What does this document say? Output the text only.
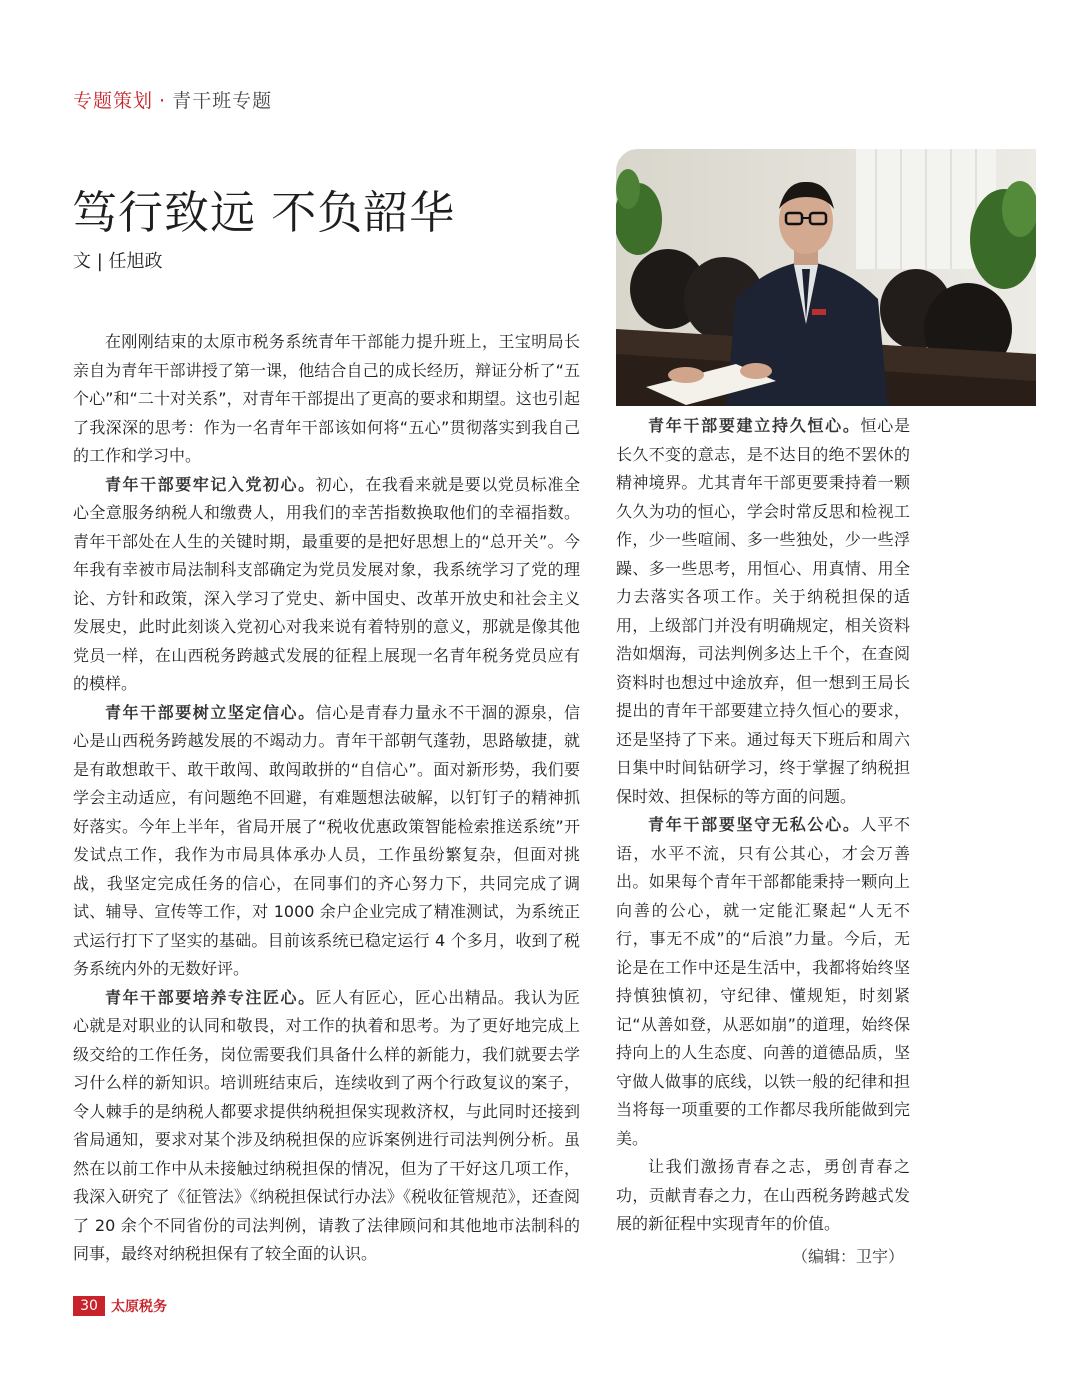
专题策划 · 青干班专题
笃行致远 不负韶华
文 | 任旭政

在刚刚结束的太原市税务系统青年干部能力提升班上，王宝明局长亲自为青年干部讲授了第一课，他结合自己的成长经历，辩证分析了“五个心”和“二十对关系”，对青年干部提出了更高的要求和期望。这也引起了我深深的思考：作为一名青年干部该如何将“五心”贯彻落实到我自己的工作和学习中。

青年干部要牢记入党初心。初心，在我看来就是要以党员标准全心全意服务纳税人和缴费人，用我们的幸苦指数换取他们的幸福指数。青年干部处在人生的关键时期，最重要的是把好思想上的“总开关”。今年我有幸被市局法制科支部确定为党员发展对象，我系统学习了党的理论、方针和政策，深入学习了党史、新中国史、改革开放史和社会主义发展史，此时此刻谈入党初心对我来说有着特别的意义，那就是像其他党员一样，在山西税务跨越式发展的征程上展现一名青年税务党员应有的模样。

青年干部要树立坚定信心。信心是青春力量永不干涸的源泉，信心是山西税务跨越发展的不竭动力。青年干部朝气蓬勃，思路敏捷，就是有敢想敢干、敢干敢闯、敢闯敢拼的“自信心”。面对新形势，我们要学会主动适应，有问题绝不回避，有难题想法破解，以钉钉子的精神抓好落实。今年上半年，省局开展了“税收优惠政策智能检索推送系统”开发试点工作，我作为市局具体承办人员，工作虽纷繁复杂，但面对挑战，我坚定完成任务的信心，在同事们的齐心努力下，共同完成了调试、辅导、宣传等工作，对 1000 余户企业完成了精准测试，为系统正式运行打下了坚实的基础。目前该系统已稳定运行 4 个多月，收到了税务系统内外的无数好评。

青年干部要培养专注匠心。匠人有匠心，匠心出精品。我认为匠心就是对职业的认同和敬畏，对工作的执着和思考。为了更好地完成上级交给的工作任务，岗位需要我们具备什么样的新能力，我们就要去学习什么样的新知识。培训班结束后，连续收到了两个行政复议的案子，令人棘手的是纳税人都要求提供纳税担保实现救济权，与此同时还接到省局通知，要求对某个涉及纳税担保的应诉案例进行司法判例分析。虽然在以前工作中从未接触过纳税担保的情况，但为了干好这几项工作，我深入研究了《征管法》《纳税担保试行办法》《税收征管规范》，还查阅了 20 余个不同省份的司法判例，请教了法律顾问和其他地市法制科的同事，最终对纳税担保有了较全面的认识。

青年干部要建立持久恒心。恒心是长久不变的意志，是不达目的绝不罢休的精神境界。尤其青年干部更要秉持着一颗久久为功的恒心，学会时常反思和检视工作，少一些喧闹、多一些独处，少一些浮躁、多一些思考，用恒心、用真情、用全力去落实各项工作。关于纳税担保的适用，上级部门并没有明确规定，相关资料浩如烟海，司法判例多达上千个，在查阅资料时也想过中途放弃，但一想到王局长提出的青年干部要建立持久恒心的要求，还是坚持了下来。通过每天下班后和周六日集中时间钻研学习，终于掌握了纳税担保时效、担保标的等方面的问题。

青年干部要坚守无私公心。人平不语，水平不流，只有公其心，才会万善出。如果每个青年干部都能秉持一颗向上向善的公心，就一定能汇聚起“人无不行，事无不成”的“后浪”力量。今后，无论是在工作中还是生活中，我都将始终坚持慎独慎初，守纪律、懂规矩，时刻紧记“从善如登，从恶如崩”的道理，始终保持向上的人生态度、向善的道德品质，坚守做人做事的底线，以铁一般的纪律和担当将每一项重要的工作都尽我所能做到完美。

让我们激扬青春之志，勇创青春之功，贡献青春之力，在山西税务跨越式发展的新征程中实现青年的价值。

（编辑：卫宇）
30 太原税务
